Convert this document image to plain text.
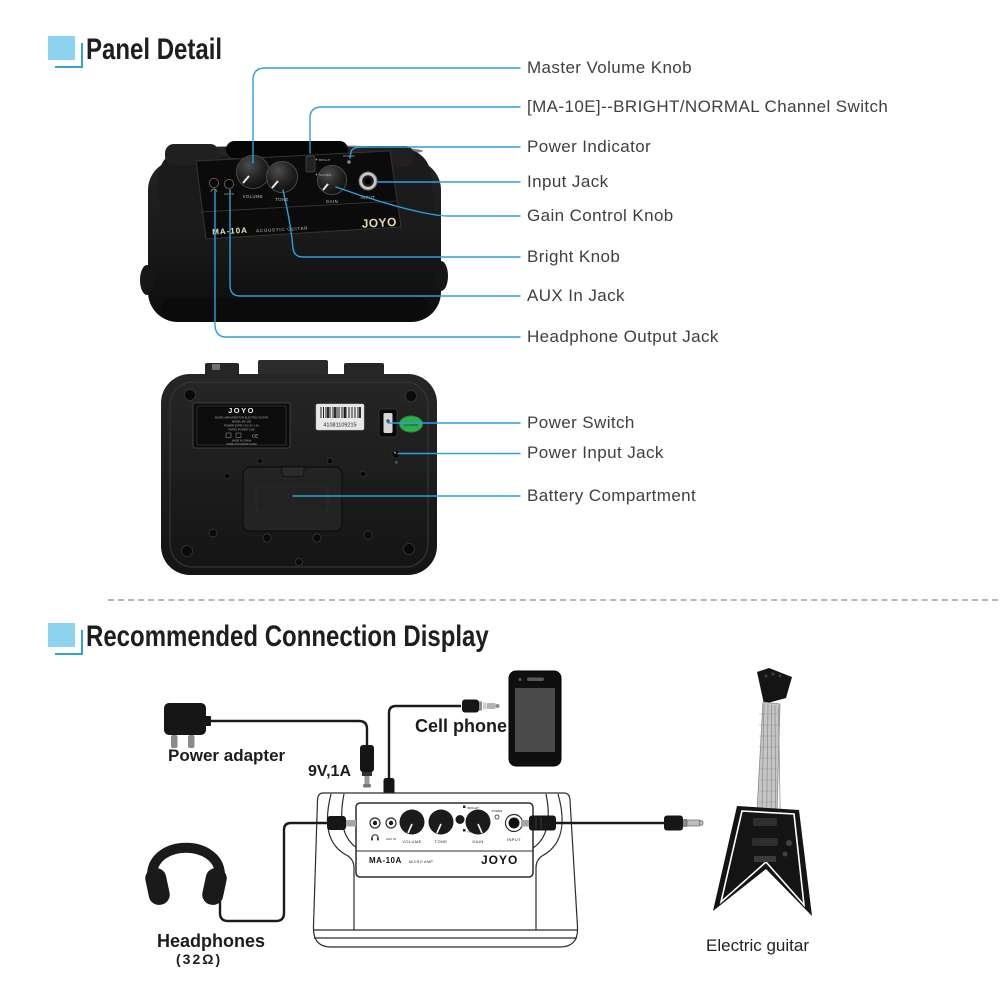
AUX IN
BRIGHT
NORMAL
POWER
VOLUME
TONE	GAIN
INPUT
MA-10A ACOUSTIC GUITAR	JOYO
JOYO
MICRO AMPLIFIER FOR ELECTRIC GUITAR
MODEL:MA-10E
POWER SUPPLY:DC 9V 1.2A
RATED POWER: 10W
MADE IN CHINA
WWW.JOYOAUDIO.COM
CE
41081109215	Q.C.PASS
AUX IN
BRIGHT
NORMAL
POWER
VOLUME	TONE	GAIN	INPUT
MA-10A MICRO AMP	JOYO
Panel Detail
Master Volume Knob
[MA-10E]--BRIGHT/NORMAL Channel Switch
Power Indicator
Input Jack
Gain Control Knob
Bright Knob
AUX In Jack
Headphone Output Jack
Power Switch
Power Input Jack
Battery Compartment
Recommended Connection Display
Power adapter
9V,1A
Cell phone
Headphones
(32Ω)
Electric guitar
